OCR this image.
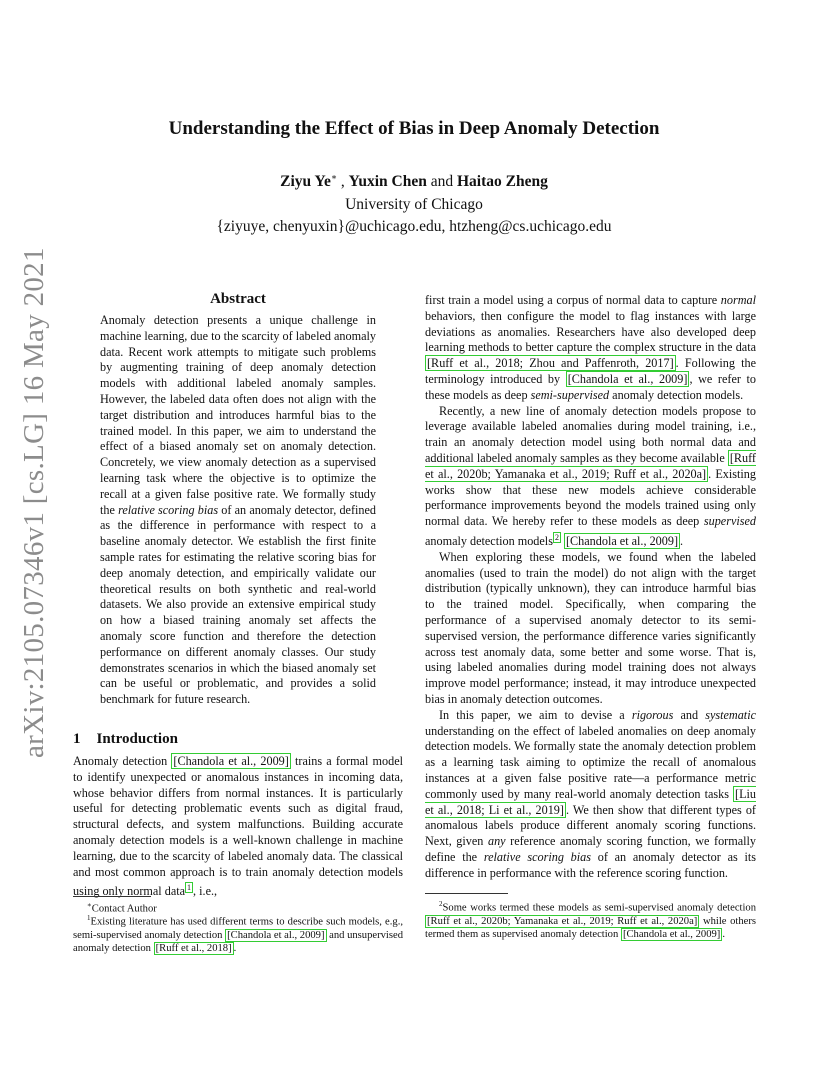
Understanding the Effect of Bias in Deep Anomaly Detection
Ziyu Ye∗ , Yuxin Chen and Haitao Zheng
University of Chicago
{ziyuye, chenyuxin}@uchicago.edu, htzheng@cs.uchicago.edu
arXiv:2105.07346v1 [cs.LG] 16 May 2021	Abstract
Anomaly detection presents a unique challenge in machine learning, due to the scarcity of labeled anomaly data. Recent work attempts to mitigate such problems by augmenting training of deep anomaly detection models with additional labeled anomaly samples. However, the labeled data often does not align with the target distribution and introduces harmful bias to the trained model. In this paper, we aim to understand the effect of a biased anomaly set on anomaly detection. Concretely, we view anomaly detection as a supervised learning task where the objective is to optimize the recall at a given false positive rate. We formally study the relative scoring bias of an anomaly detector, defined as the difference in performance with respect to a baseline anomaly detector. We establish the first finite sample rates for estimating the relative scoring bias for deep anomaly detection, and empirically validate our theoretical results on both synthetic and real-world datasets. We also provide an extensive empirical study on how a biased training anomaly set affects the anomaly score function and therefore the detection performance on different anomaly classes. Our study demonstrates scenarios in which the biased anomaly set can be useful or problematic, and provides a solid benchmark for future research.
1 Introduction
Anomaly detection [Chandola et al., 2009] trains a formal model to identify unexpected or anomalous instances in incoming data, whose behavior differs from normal instances. It is particularly useful for detecting problematic events such as digital fraud, structural defects, and system malfunctions. Building accurate anomaly detection models is a well-known challenge in machine learning, due to the scarcity of labeled anomaly data. The classical and most common approach is to train anomaly detection models using only normal data $^1$ , i.e.,
∗Contact Author
$^1$Existing literature has used different terms to describe such models, e.g., semi-supervised anomaly detection [Chandola et al., 2009] and unsupervised anomaly detection [Ruff et al., 2018] .

first train a model using a corpus of normal data to capture normal behaviors, then configure the model to flag instances with large deviations as anomalies. Researchers have also developed deep learning methods to better capture the complex structure in the data [Ruff et al., 2018; Zhou and Paffenroth, 2017] . Following the terminology introduced by [Chandola et al., 2009] , we refer to these models as deep semi-supervised anomaly detection models.

Recently, a new line of anomaly detection models propose to leverage available labeled anomalies during model training, i.e., train an anomaly detection model using both normal data and additional labeled anomaly samples as they become available [Ruff et al., 2020b; Yamanaka et al., 2019; Ruff et al., 2020a] . Existing works show that these new models achieve considerable performance improvements beyond the models trained using only normal data. We hereby refer to these models as deep supervised anomaly detection models $^2$ [Chandola et al., 2009] .

When exploring these models, we found when the labeled anomalies (used to train the model) do not align with the target distribution (typically unknown), they can introduce harmful bias to the trained model. Specifically, when comparing the performance of a supervised anomaly detector to its semi-supervised version, the performance difference varies significantly across test anomaly data, some better and some worse. That is, using labeled anomalies during model training does not always improve model performance; instead, it may introduce unexpected bias in anomaly detection outcomes.

In this paper, we aim to devise a rigorous and systematic understanding on the effect of labeled anomalies on deep anomaly detection models. We formally state the anomaly detection problem as a learning task aiming to optimize the recall of anomalous instances at a given false positive rate—a performance metric commonly used by many real-world anomaly detection tasks [Liu et al., 2018; Li et al., 2019] . We then show that different types of anomalous labels produce different anomaly scoring functions. Next, given any reference anomaly scoring function, we formally define the relative scoring bias of an anomaly detector as its difference in performance with the reference scoring function.

$^2$Some works termed these models as semi-supervised anomaly detection [Ruff et al., 2020b; Yamanaka et al., 2019; Ruff et al., 2020a] while others termed them as supervised anomaly detection [Chandola et al., 2009] .
